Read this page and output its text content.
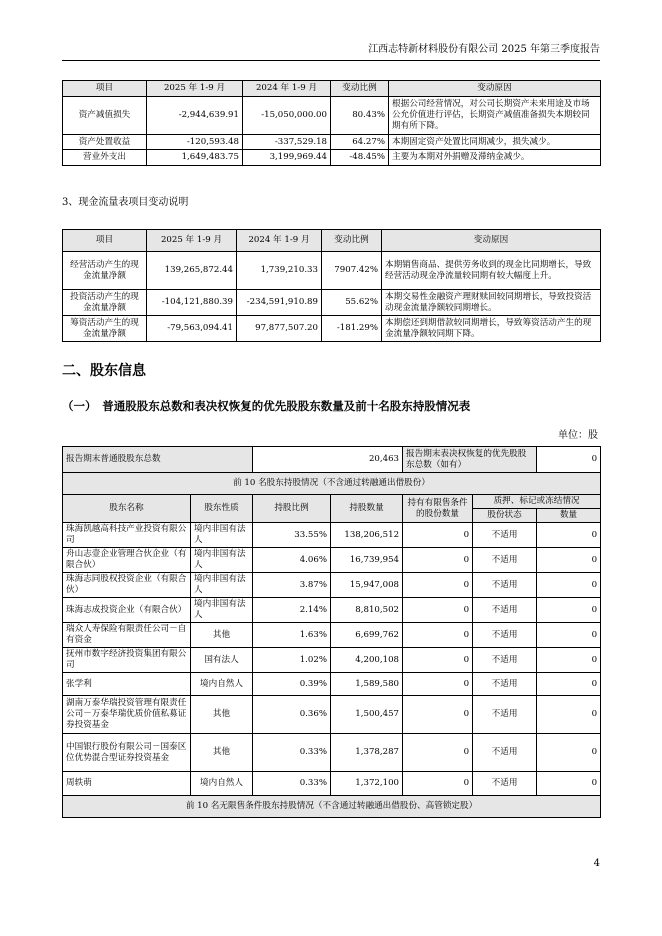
江西志特新材料股份有限公司 2025 年第三季度报告
项目	2025 年 1-9 月	2024 年 1-9 月	变动比例	变动原因
资产减值损失	-2,944,639.91	-15,050,000.00	80.43%	根据公司经营情况，对公司长期资产未来用途及市场公允价值进行评估，长期资产减值准备损失本期较同期有所下降。
资产处置收益	-120,593.48	-337,529.18	64.27%	本期固定资产处置比同期减少，损失减少。
营业外支出	1,649,483.75	3,199,969.44	-48.45%	主要为本期对外捐赠及滞纳金减少。
3、现金流量表项目变动说明
项目	2025 年 1-9 月	2024 年 1-9 月	变动比例	变动原因
经营活动产生的现金流量净额	139,265,872.44	1,739,210.33	7907.42%	本期销售商品、提供劳务收到的现金比同期增长，导致经营活动现金净流量较同期有较大幅度上升。
投资活动产生的现金流量净额	-104,121,880.39	-234,591,910.89	55.62%	本期交易性金融资产理财赎回较同期增长，导致投资活动现金流量净额较同期增长。
筹资活动产生的现金流量净额	-79,563,094.41	97,877,507.20	-181.29%	本期偿还到期借款较同期增长，导致筹资活动产生的现金流量净额较同期下降。
二、股东信息
（一）　普通股股东总数和表决权恢复的优先股股东数量及前十名股东持股情况表
单位：股
报告期末普通股股东总数		20,463		报告期末表决权恢复的优先股股东总数（如有）		0
前 10 名股东持股情况（不含通过转融通出借股份）						
股东名称	股东性质	持股比例	持股数量	持有有限售条件的股份数量	质押、标记或冻结情况	
					股份状态	数量
珠海凯越高科技产业投资有限公司	境内非国有法人	33.55%	138,206,512	0	不适用	0
舟山志壹企业管理合伙企业（有限合伙）	境内非国有法人	4.06%	16,739,954	0	不适用	0
珠海志同股权投资企业（有限合伙）	境内非国有法人	3.87%	15,947,008	0	不适用	0
珠海志成投资企业（有限合伙）	境内非国有法人	2.14%	8,810,502	0	不适用	0
瑞众人寿保险有限责任公司－自有资金	其他	1.63%	6,699,762	0	不适用	0
抚州市数字经济投资集团有限公司	国有法人	1.02%	4,200,108	0	不适用	0
张学利	境内自然人	0.39%	1,589,580	0	不适用	0
湖南万泰华瑞投资管理有限责任公司－万泰华瑞优质价值私募证券投资基金	其他	0.36%	1,500,457	0	不适用	0
中国银行股份有限公司－国泰区位优势混合型证券投资基金	其他	0.33%	1,378,287	0	不适用	0
周轶萌	境内自然人	0.33%	1,372,100	0	不适用	0
前 10 名无限售条件股东持股情况（不含通过转融通出借股份、高管锁定股）						
4
